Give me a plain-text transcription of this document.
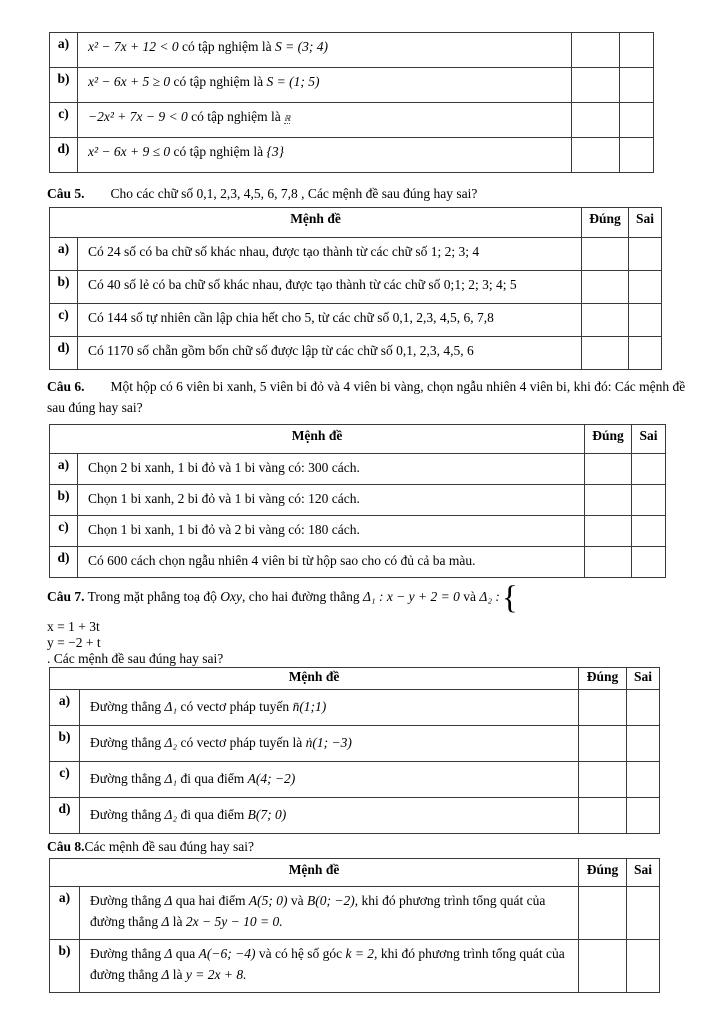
a)	x² − 7x + 12 < 0 có tập nghiệm là S = (3; 4)		
b)	x² − 6x + 5 ≥ 0 có tập nghiệm là S = (1; 5)		
c)	−2x² + 7x − 9 < 0 có tập nghiệm là ℝ		
d)	x² − 6x + 9 ≤ 0 có tập nghiệm là {3}		

Câu 5. Cho các chữ số 0,1, 2,3, 4,5, 6, 7,8 , Các mệnh đề sau đúng hay sai?

Mệnh đề		Đúng	Sai
a)	Có 24 số có ba chữ số khác nhau, được tạo thành từ các chữ số 1; 2; 3; 4		
b)	Có 40 số lẻ có ba chữ số khác nhau, được tạo thành từ các chữ số 0;1; 2; 3; 4; 5		
c)	Có 144 số tự nhiên cần lập chia hết cho 5, từ các chữ số 0,1, 2,3, 4,5, 6, 7,8		
d)	Có 1170 số chẵn gồm bốn chữ số được lập từ các chữ số 0,1, 2,3, 4,5, 6		

Câu 6. Một hộp có 6 viên bi xanh, 5 viên bi đỏ và 4 viên bi vàng, chọn ngẫu nhiên 4 viên bi, khi đó: Các mệnh đề sau đúng hay sai?

Mệnh đề		Đúng	Sai
a)	Chọn 2 bi xanh, 1 bi đỏ và 1 bi vàng có: 300 cách.		
b)	Chọn 1 bi xanh, 2 bi đỏ và 1 bi vàng có: 120 cách.		
c)	Chọn 1 bi xanh, 1 bi đỏ và 2 bi vàng có: 180 cách.		
d)	Có 600 cách chọn ngẫu nhiên 4 viên bi từ hộp sao cho có đủ cả ba màu.		

Câu 7. Trong mặt phẳng toạ độ Oxy, cho hai đường thẳng Δ₁ : x − y + 2 = 0 và Δ₂ : {

x = 1 + 3t
y = −2 + t
. Các mệnh đề sau đúng hay sai?

Mệnh đề		Đúng	Sai
a)	Đường thẳng Δ₁ có vectơ pháp tuyến n̄(1;1)		
b)	Đường thẳng Δ₂ có vectơ pháp tuyến là ṅ(1; −3)		
c)	Đường thẳng Δ₁ đi qua điểm A(4; −2)		
d)	Đường thẳng Δ₂ đi qua điểm B(7; 0)		

Câu 8.Các mệnh đề sau đúng hay sai?

Mệnh đề		Đúng	Sai
a)	Đường thẳng Δ qua hai điểm A(5; 0) và B(0; −2), khi đó phương trình tổng quát của đường thẳng Δ là 2x − 5y − 10 = 0.		
b)	Đường thẳng Δ qua A(−6; −4) và có hệ số góc k = 2, khi đó phương trình tổng quát của đường thẳng Δ là y = 2x + 8.		
